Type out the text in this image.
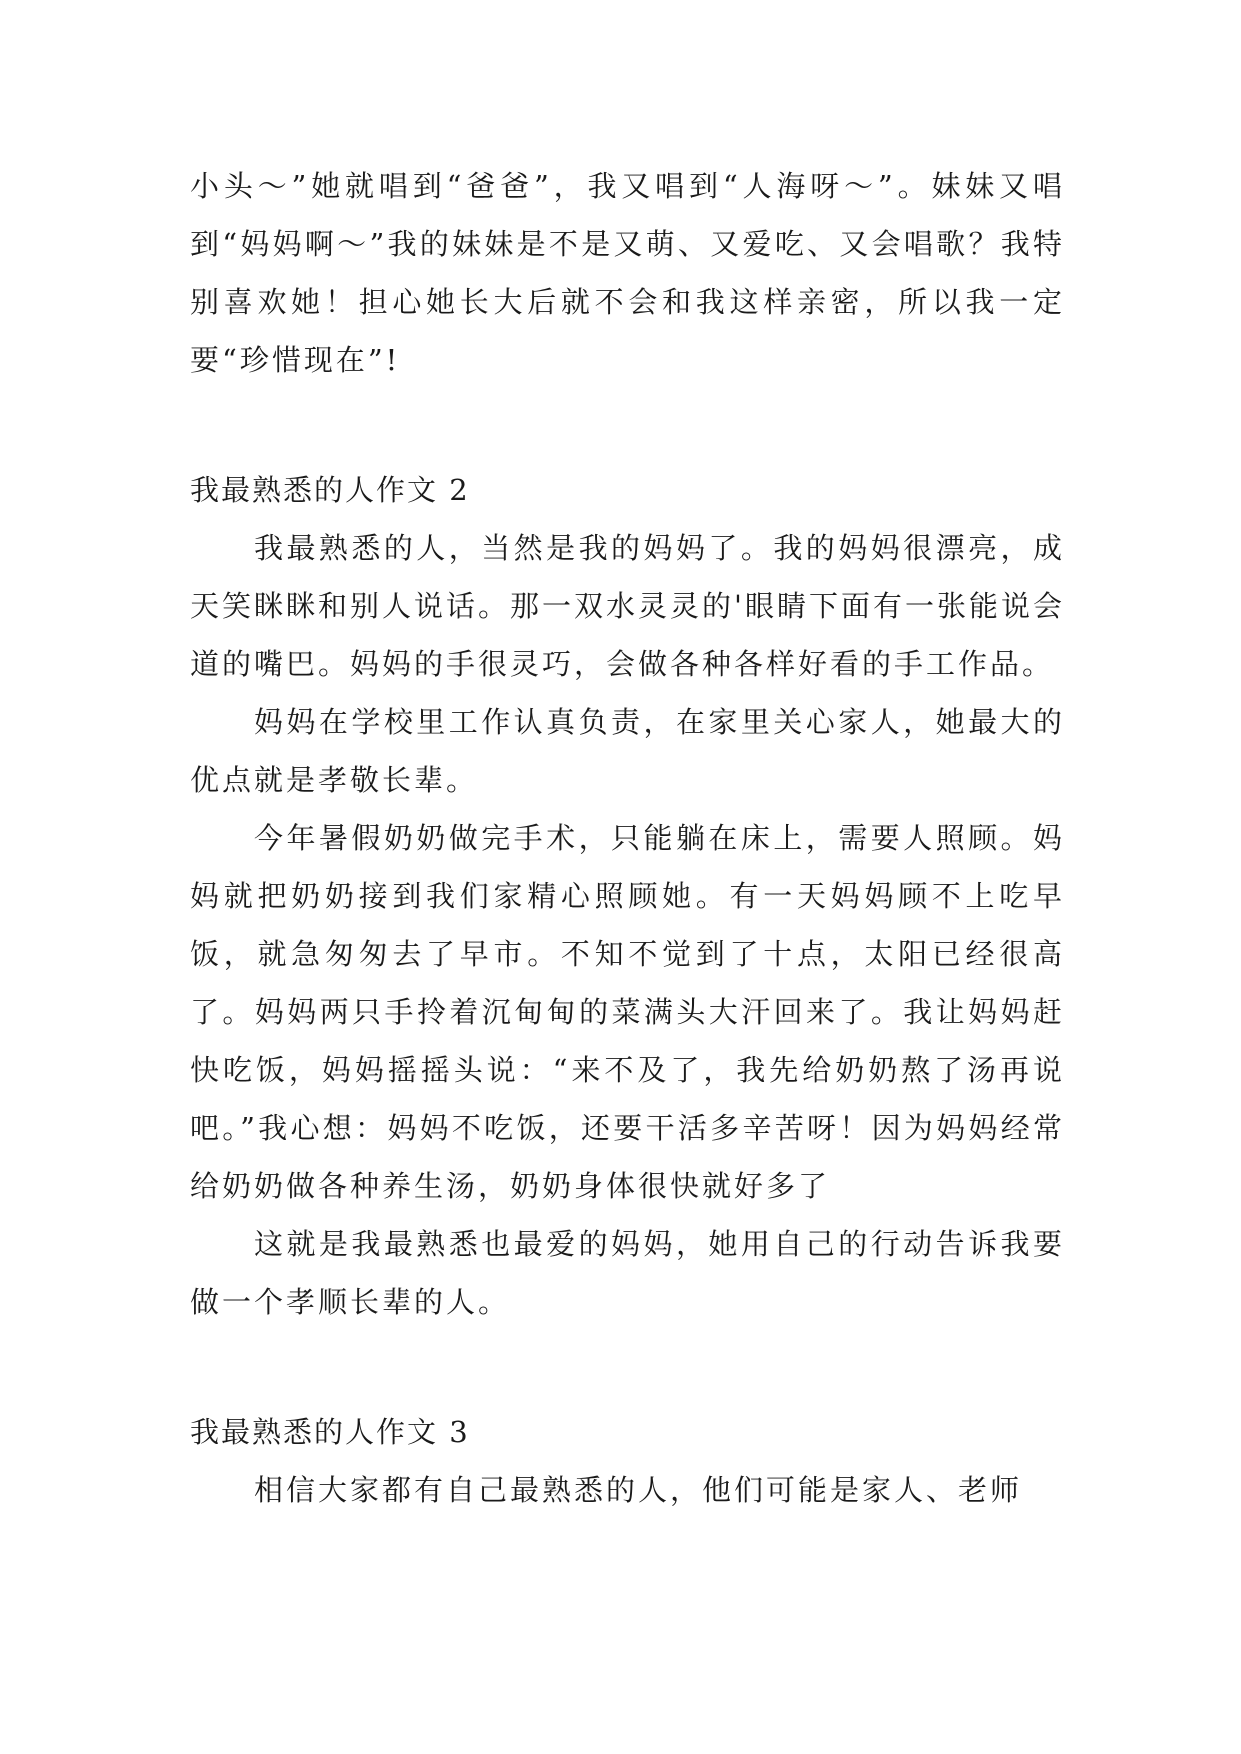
小头～”她就唱到“爸爸”，我又唱到“人海呀～”。妹妹又唱到“妈妈啊～”我的妹妹是不是又萌、又爱吃、又会唱歌？我特别喜欢她！担心她长大后就不会和我这样亲密，所以我一定要“珍惜现在”!

我最熟悉的人作文 2

我最熟悉的人，当然是我的妈妈了。我的妈妈很漂亮，成天笑眯眯和别人说话。那一双水灵灵的'眼睛下面有一张能说会道的嘴巴。妈妈的手很灵巧，会做各种各样好看的手工作品。

妈妈在学校里工作认真负责，在家里关心家人，她最大的优点就是孝敬长辈。

今年暑假奶奶做完手术，只能躺在床上，需要人照顾。妈妈就把奶奶接到我们家精心照顾她。有一天妈妈顾不上吃早饭，就急匆匆去了早市。不知不觉到了十点，太阳已经很高了。妈妈两只手拎着沉甸甸的菜满头大汗回来了。我让妈妈赶快吃饭，妈妈摇摇头说：“来不及了，我先给奶奶熬了汤再说吧。”我心想：妈妈不吃饭，还要干活多辛苦呀！因为妈妈经常给奶奶做各种养生汤，奶奶身体很快就好多了

这就是我最熟悉也最爱的妈妈，她用自己的行动告诉我要做一个孝顺长辈的人。

我最熟悉的人作文 3

相信大家都有自己最熟悉的人，他们可能是家人、老师
